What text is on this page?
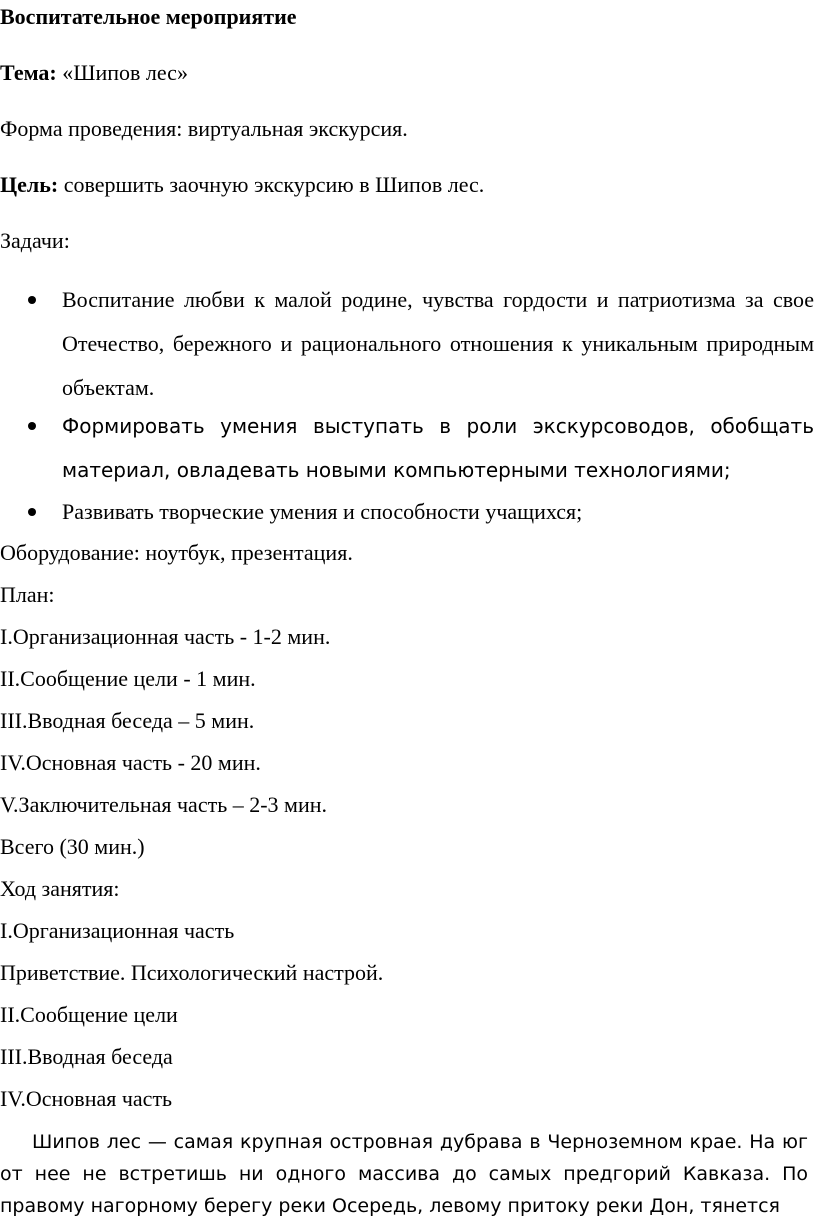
Воспитательное мероприятие
Тема: «Шипов лес»
Форма проведения: виртуальная экскурсия.
Цель: совершить заочную экскурсию в Шипов лес.
Задачи:
Воспитание любви к малой родине, чувства гордости и патриотизма за свое Отечество, бережного и рационального отношения к уникальным природным объектам.
Формировать умения выступать в роли экскурсоводов, обобщать материал, овладевать новыми компьютерными технологиями;
Развивать творческие умения и способности учащихся;
Оборудование: ноутбук, презентация.
План:
I.Организационная часть - 1-2 мин.
II.Сообщение цели - 1 мин.
III.Вводная беседа – 5 мин.
IV.Основная часть - 20 мин.
V.Заключительная часть – 2-3 мин.
Всего (30 мин.)
Ход занятия:
I.Организационная часть
Приветствие. Психологический настрой.
II.Сообщение цели
III.Вводная беседа
IV.Основная часть
Шипов лес — самая крупная островная дубрава в Черноземном крае. На юг от нее не встретишь ни одного массива до самых предгорий Кавказа. По правому нагорному берегу реки Осередь, левому притоку реки Дон, тянется
